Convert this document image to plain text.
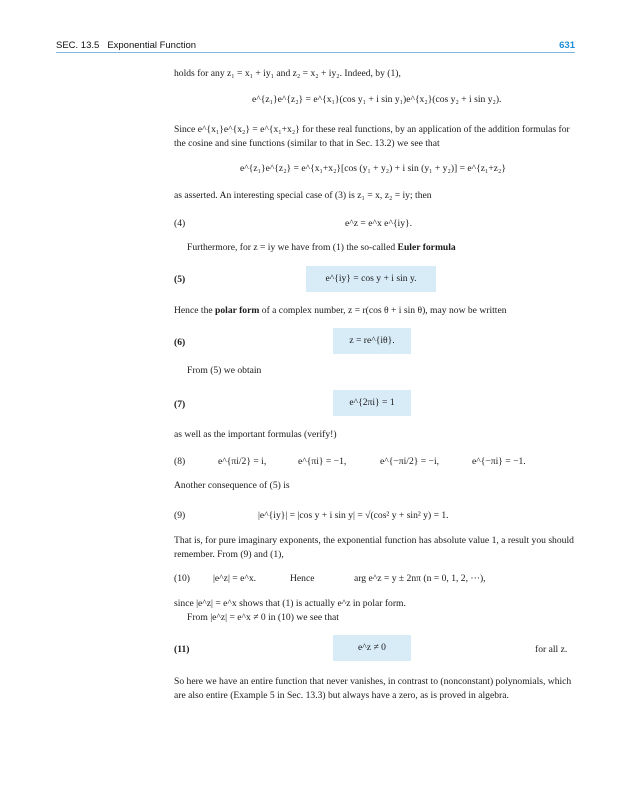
SEC. 13.5 Exponential Function	631
holds for any z₁ = x₁ + iy₁ and z₂ = x₂ + iy₂. Indeed, by (1),
e^{z₁}e^{z₂} = e^{x₁}(cos y₁ + i sin y₁)e^{x₂}(cos y₂ + i sin y₂).
Since e^{x₁}e^{x₂} = e^{x₁+x₂} for these real functions, by an application of the addition formulas for the cosine and sine functions (similar to that in Sec. 13.2) we see that
e^{z₁}e^{z₂} = e^{x₁+x₂}[cos (y₁ + y₂) + i sin (y₁ + y₂)] = e^{z₁+z₂}
as asserted. An interesting special case of (3) is z₁ = x, z₂ = iy; then
(4)	e^z = e^x e^{iy}.
Furthermore, for z = iy we have from (1) the so-called Euler formula
(5)	e^{iy} = cos y + i sin y.
Hence the polar form of a complex number, z = r(cos θ + i sin θ), may now be written
(6)	z = re^{iθ}.
From (5) we obtain
(7)	e^{2πi} = 1
as well as the important formulas (verify!)
(8)	e^{πi/2} = i,	e^{πi} = −1,	e^{−πi/2} = −i,	e^{−πi} = −1.
Another consequence of (5) is
(9)	|e^{iy}| = |cos y + i sin y| = √(cos² y + sin² y) = 1.
That is, for pure imaginary exponents, the exponential function has absolute value 1, a result you should remember. From (9) and (1),
(10) |e^z| = e^x.	Hence	arg e^z = y ± 2nπ (n = 0, 1, 2, ···),
since |e^z| = e^x shows that (1) is actually e^z in polar form.
From |e^z| = e^x ≠ 0 in (10) we see that
(11)	e^z ≠ 0	for all z.
So here we have an entire function that never vanishes, in contrast to (nonconstant) polynomials, which are also entire (Example 5 in Sec. 13.3) but always have a zero, as is proved in algebra.
